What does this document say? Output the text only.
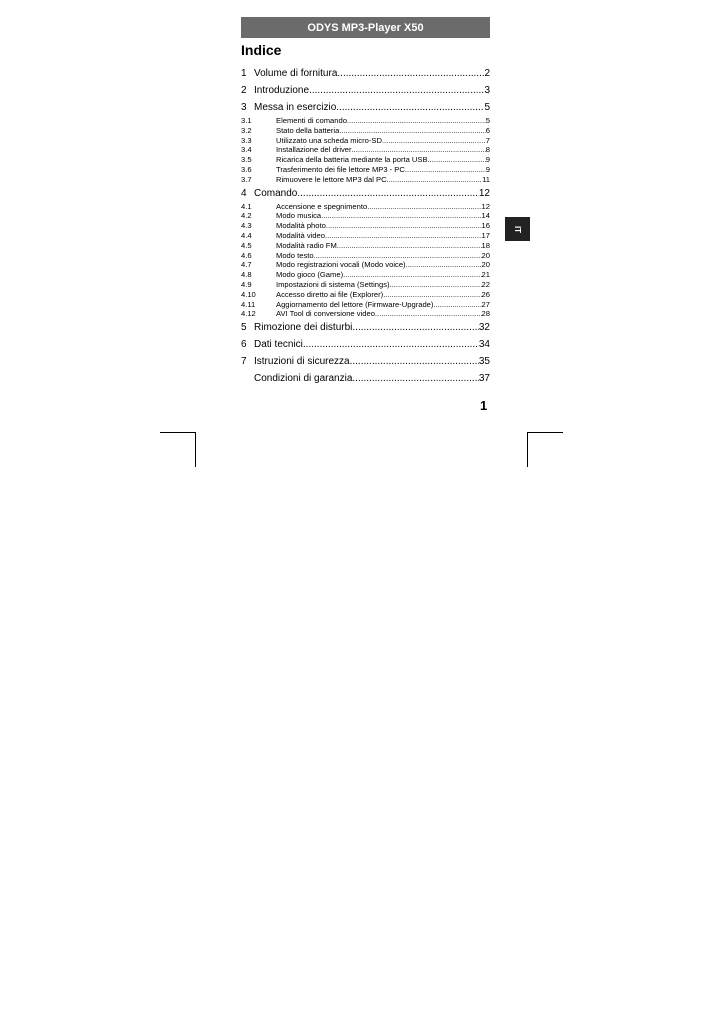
ODYS MP3-Player X50
Indice
1 Volume di fornitura .....	2
2 Introduzione .....	3
3 Messa in esercizio .....	5
3.1	Elementi di comando .....	5
3.2	Stato della batteria .....	6
3.3	Utilizzato una scheda micro-SD .....	7
3.4	Installazione del driver .....	8
3.5	Ricarica della batteria mediante la porta USB .....	9
3.6	Trasferimento dei file lettore MP3 - PC .....	9
3.7	Rimuovere le lettore MP3 dal PC .....	11
4 Comando .....	12
4.1	Accensione e spegnimento .....	12
4.2	Modo musica .....	14
4.3	Modalità photo .....	16
4.4	Modalità video .....	17
4.5	Modalità radio FM .....	18
4.6	Modo testo .....	20
4.7	Modo registrazioni vocali (Modo voice) .....	20
4.8	Modo gioco (Game) .....	21
4.9	Impostazioni di sistema (Settings) .....	22
4.10	Accesso diretto ai file (Explorer) .....	26
4.11	Aggiornamento del lettore (Firmware-Upgrade) .....	27
4.12	AVI Tool di conversione video .....	28
5 Rimozione dei disturbi .....	32
6 Dati tecnici .....	34
7 Istruzioni di sicurezza .....	35
Condizioni di garanzia .....	37
IT
1
